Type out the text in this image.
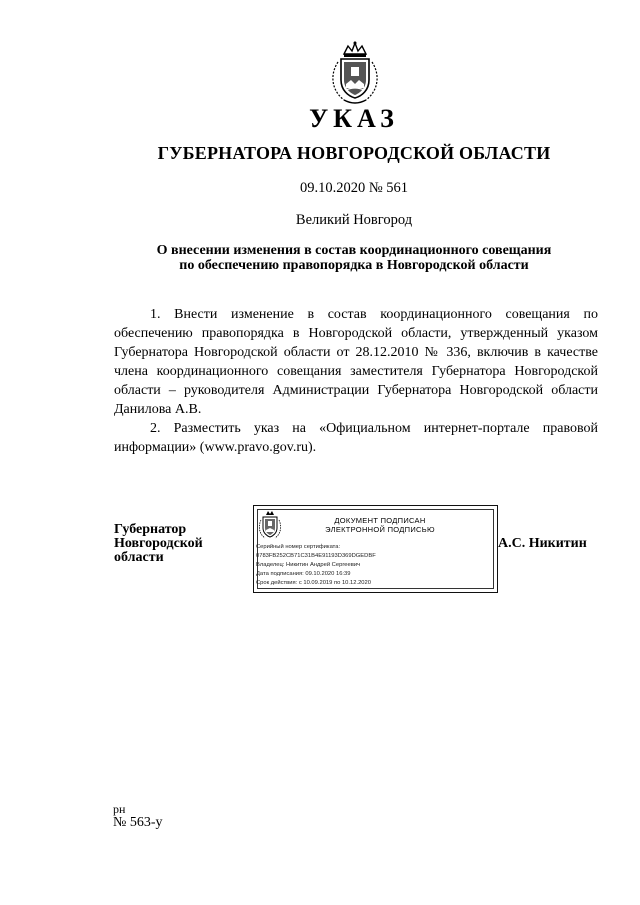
УКАЗ
ГУБЕРНАТОРА НОВГОРОДСКОЙ ОБЛАСТИ
09.10.2020 № 561
Великий Новгород
О внесении изменения в состав координационного совещания
по обеспечению правопорядка в Новгородской области

1. Внести изменение в состав координационного совещания по обеспечению правопорядка в Новгородской области, утвержденный указом Губернатора Новгородской области от 28.12.2010 № 336, включив в качестве члена координационного совещания заместителя Губернатора Новгородской области – руководителя Администрации Губернатора Новгородской области Данилова А.В.

2. Разместить указ на «Официальном интернет-портале правовой информации» (www.pravo.gov.ru).

Губернатор
Новгородской области
ДОКУМЕНТ ПОДПИСАН
ЭЛЕКТРОННОЙ ПОДПИСЬЮ
Серийный номер сертификата:
0783FB252CB71C31B4E91193D369DGEDBF
Владелец: Никитин Андрей Сергеевич
Дата подписания: 09.10.2020 16:39
Срок действия: с 10.09.2019 по 10.12.2020
А.С. Никитин
рн
№ 563-у
